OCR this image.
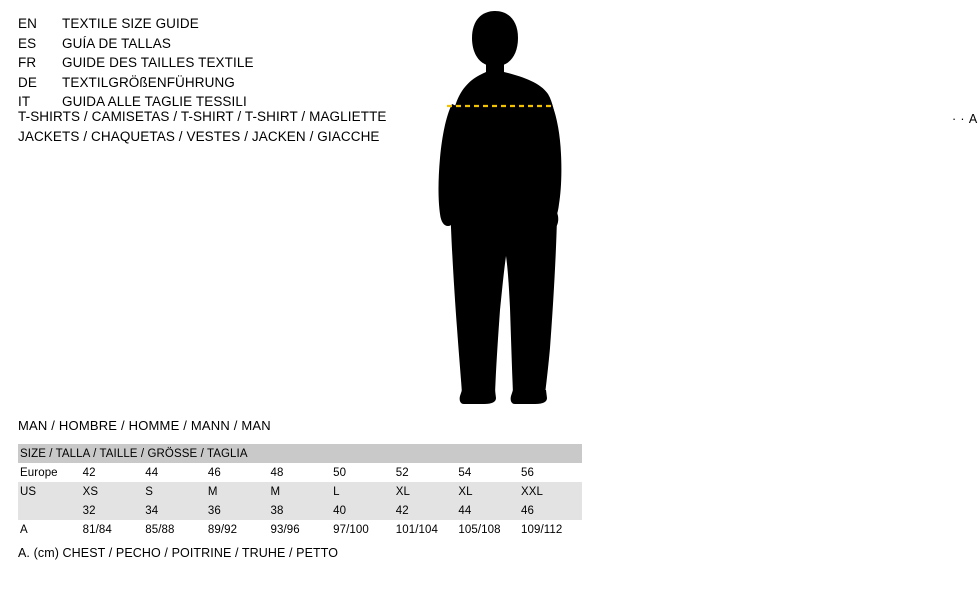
EN	TEXTILE SIZE GUIDE
ES	GUÍA DE TALLAS
FR	GUIDE DES TAILLES TEXTILE
DE	TEXTILGRÖßENFÜHRUNG
IT	GUIDA ALLE TAGLIE TESSILI
T-SHIRTS / CAMISETAS / T-SHIRT / T-SHIRT / MAGLIETTE
JACKETS / CHAQUETAS / VESTES / JACKEN / GIACCHE
· · A
MAN / HOMBRE / HOMME / MANN / MAN
SIZE / TALLA / TAILLE / GRÖSSE / TAGLIA								
Europe	42	44	46	48	50	52	54	56
US	XS	S	M	M	L	XL	XL	XXL
	32	34	36	38	40	42	44	46
A	81/84	85/88	89/92	93/96	97/100	101/104	105/108	109/112
A. (cm) CHEST / PECHO / POITRINE / TRUHE / PETTO
